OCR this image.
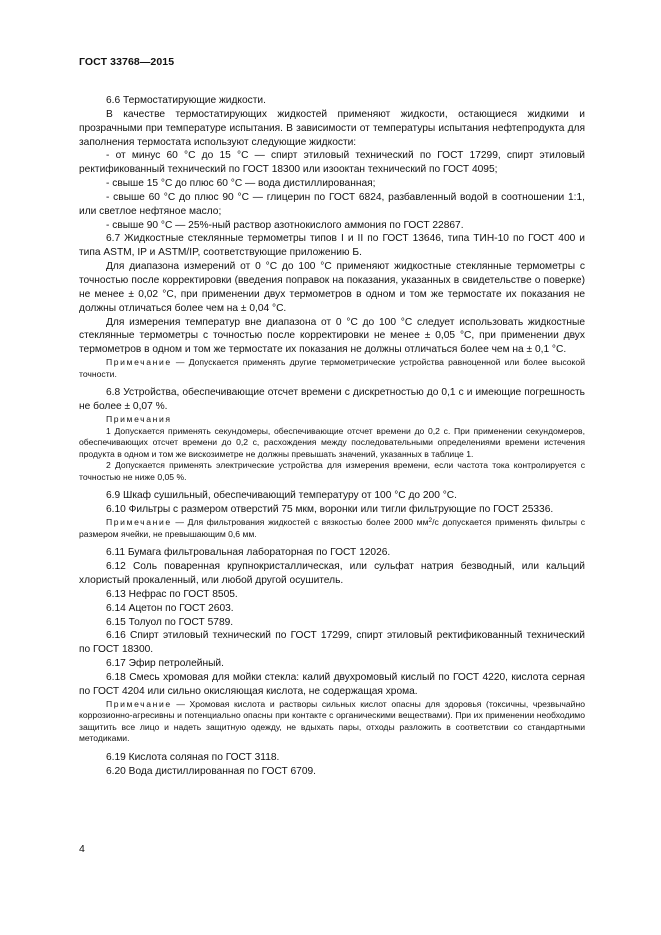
ГОСТ 33768—2015

6.6 Термостатирующие жидкости.

В качестве термостатирующих жидкостей применяют жидкости, остающиеся жидкими и прозрачными при температуре испытания. В зависимости от температуры испытания нефтепродукта для заполнения термостата используют следующие жидкости:

- от минус 60 °С до 15 °С — спирт этиловый технический по ГОСТ 17299, спирт этиловый ректификованный технический по ГОСТ 18300 или изооктан технический по ГОСТ 4095;

- свыше 15 °С до плюс 60 °С — вода дистиллированная;

- свыше 60 °С до плюс 90 °С — глицерин по ГОСТ 6824, разбавленный водой в соотношении 1:1, или светлое нефтяное масло;

- свыше 90 °С — 25%-ный раствор азотнокислого аммония по ГОСТ 22867.

6.7 Жидкостные стеклянные термометры типов I и II по ГОСТ 13646, типа ТИН-10 по ГОСТ 400 и типа ASTM, IP и ASTM/IP, соответствующие приложению Б.

Для диапазона измерений от 0 °С до 100 °С применяют жидкостные стеклянные термометры с точностью после корректировки (введения поправок на показания, указанных в свидетельстве о поверке) не менее ± 0,02 °С, при применении двух термометров в одном и том же термостате их показания не должны отличаться более чем на ± 0,04 °С.

Для измерения температур вне диапазона от 0 °С до 100 °С следует использовать жидкостные стеклянные термометры с точностью после корректировки не менее ± 0,05 °С, при применении двух термометров в одном и том же термостате их показания не должны отличаться более чем на ± 0,1 °С.

Примечание — Допускается применять другие термометрические устройства равноценной или более высокой точности.

6.8 Устройства, обеспечивающие отсчет времени с дискретностью до 0,1 с и имеющие погрешность не более ± 0,07 %.

Примечания

1 Допускается применять секундомеры, обеспечивающие отсчет времени до 0,2 с. При применении секундомеров, обеспечивающих отсчет времени до 0,2 с, расхождения между последовательными определениями времени истечения продукта в одном и том же вискозиметре не должны превышать значений, указанных в таблице 1.

2 Допускается применять электрические устройства для измерения времени, если частота тока контролируется с точностью не ниже 0,05 %.

6.9 Шкаф сушильный, обеспечивающий температуру от 100 °С до 200 °С.

6.10 Фильтры с размером отверстий 75 мкм, воронки или тигли фильтрующие по ГОСТ 25336.

Примечание — Для фильтрования жидкостей с вязкостью более 2000 $мм^2/с$ допускается применять фильтры с размером ячейки, не превышающим 0,6 мм.

6.11 Бумага фильтровальная лабораторная по ГОСТ 12026.

6.12 Соль поваренная крупнокристаллическая, или сульфат натрия безводный, или кальций хлористый прокаленный, или любой другой осушитель.

6.13 Нефрас по ГОСТ 8505.

6.14 Ацетон по ГОСТ 2603.

6.15 Толуол по ГОСТ 5789.

6.16 Спирт этиловый технический по ГОСТ 17299, спирт этиловый ректификованный технический по ГОСТ 18300.

6.17 Эфир петролейный.

6.18 Смесь хромовая для мойки стекла: калий двухромовый кислый по ГОСТ 4220, кислота серная по ГОСТ 4204 или сильно окисляющая кислота, не содержащая хрома.

Примечание — Хромовая кислота и растворы сильных кислот опасны для здоровья (токсичны, чрезвычайно коррозионно-агресивны и потенциально опасны при контакте с органическими веществами). При их применении необходимо защитить все лицо и надеть защитную одежду, не вдыхать пары, отходы разложить в соответствии со стандартными методиками.

6.19 Кислота соляная по ГОСТ 3118.

6.20 Вода дистиллированная по ГОСТ 6709.

4
